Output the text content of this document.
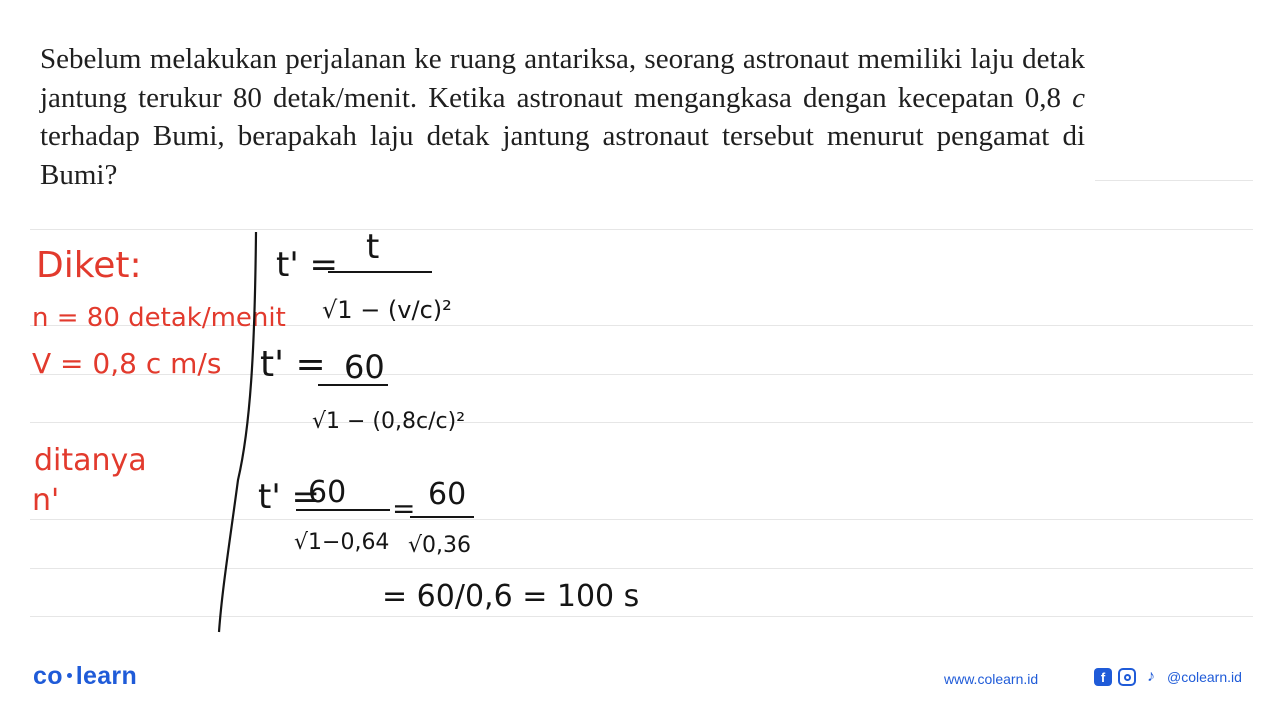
Sebelum melakukan perjalanan ke ruang antariksa, seorang astronaut memiliki laju detak jantung terukur 80 detak/menit. Ketika astronaut mengangkasa dengan kecepatan 0,8 c terhadap Bumi, berapakah laju detak jantung astronaut tersebut menurut pengamat di Bumi?

Diket:
n = 80 detak/menit
V = 0,8 c m/s
ditanya
n'
t' = t
√1 − (v/c)²
t' = 60
√1 − (0,8c/c)²
t' =
60
√1−0,64
= 60
√0,36
= 60/0,6 = 100 s
co learn	www.colearn.id	f	♪ @colearn.id
